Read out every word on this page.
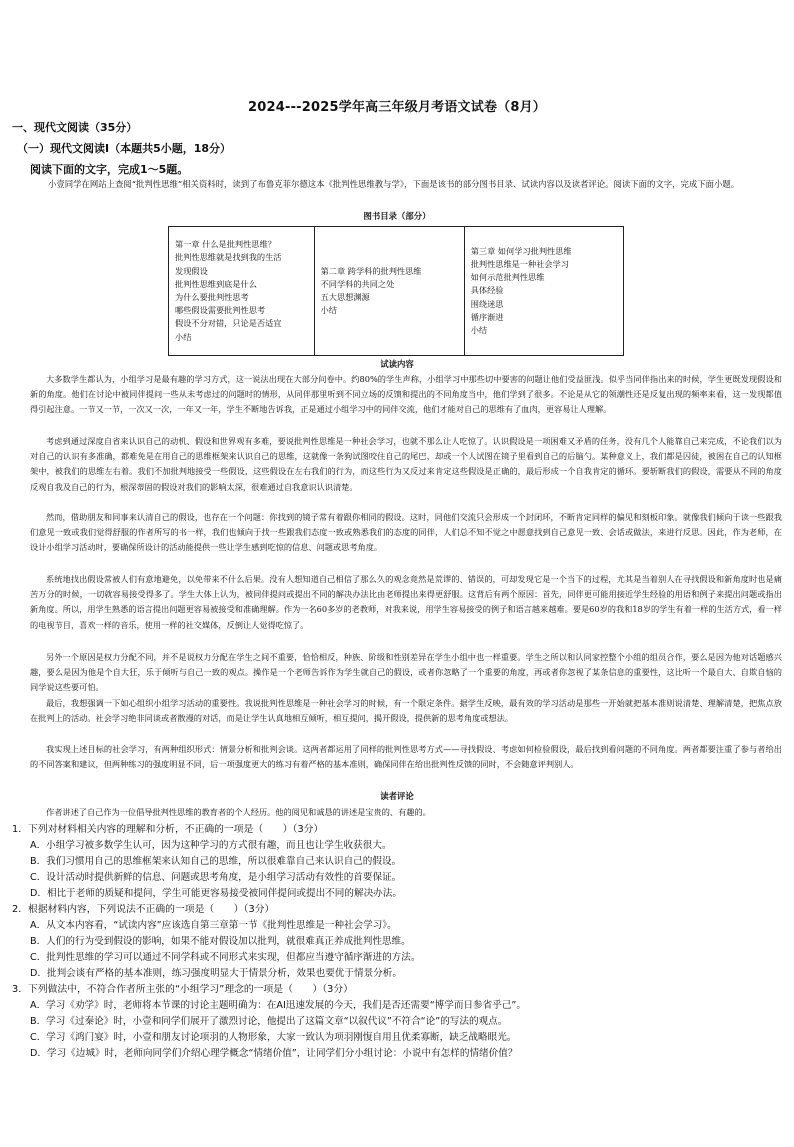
2024---2025学年高三年级月考语文试卷（8月）
一、现代文阅读（35分）
（一）现代文阅读Ⅰ（本题共5小题，18分）
阅读下面的文字，完成1～5题。
小壹同学在网站上查阅“批判性思维”相关资料时，读到了布鲁克菲尔德这本《批判性思维教与学》，下面是该书的部分图书目录、试读内容以及读者评论。阅读下面的文字，完成下面小题。
图书目录（部分）
第一章 什么是批判性思维？
批判性思维就是找到我的生活
发现假设
批判性思维到底是什么
为什么要批判性思考
哪些假设需要批判性思考
假设不分对错，只论是否适宜
小结

第二章 跨学科的批判性思维
不同学科的共同之处
五大思想渊源
小结

第三章 如何学习批判性思维
批判性思维是一种社会学习
如何示范批判性思维
具体经验
围绕迷思
循序渐进
小结
试读内容
大多数学生都认为，小组学习是最有趣的学习方式，这一说法出现在大部分问卷中。约80%的学生声称，小组学习中那些切中要害的问题让他们受益匪浅。似乎当同伴指出来的时候，学生更既发现假设和新的角度。他们在讨论中被同伴提问一些从未考虑过的问题时的情形，从同伴那里听到不同立场的反馈和提出的不同角度当中，他们学到了很多。不论是从它的领潮性还是反复出现的频率来看，这一发现都值得引起注意。一节又一节，一次又一次，一年又一年，学生不断地告诉我，正是通过小组学习中的同伴交流，他们才能对自己的思维有了血肉，更容易让人理解。
考虑到通过深度自省来认识自己的动机、假设和世界观有多难，要说批判性思维是一种社会学习，也就不那么让人吃惊了。认识假设是一项困难又矛盾的任务，没有几个人能靠自己来完成，不论我们以为对自己的认识有多准确，都难免是在用自己的思维框架来认识自己的思维，这就像一条狗试图咬住自己的尾巴，却或一个人试图在镜子里看到自己的后脑勺。某种意义上，我们都是囚徒，被困在自己的认知框架中，被我们的思维左右着。我们不加批判地接受一些假设，这些假设在左右我们的行为，而这些行为又反过来肯定这些假设是正确的，最后形成一个自我肯定的循环。要斩断我们的假设，需要从不同的角度反观自我及自己的行为，根深蒂固的假设对我们的影响太深，很难通过自我意识认识清楚。
然而，借助朋友和同事来认清自己的假设，也存在一个问题：你找到的镜子常有着跟你相同的假设。这时，同他们交流只会形成一个封闭环，不断肯定同样的偏见和刻板印象。就像我们倾向于读一些跟我们意见一致或我们觉得舒服的作者所写的书一样，我们也倾向于找一些跟我们态度一致或熟悉我们的态度的同伴，人们总不知不觉之中愿意找到自己意见一致、会话或做法，来进行反思。因此，作为老师，在设计小组学习活动时，要确保所设计的活动能提供一些让学生感到吃惊的信息、问题或思考角度。
系统地找出假设常被人们有意地避免，以免带来不什么后果。没有人想知道自己相信了那么久的观念竟然是荒谬的、错误的，可却发现它是一个当下的过程，尤其是当着别人在寻找假设和新角度时也是痛苦万分的时候，一切就容易接受得多了。学生大体上认为，被同伴提问或提出不同的解决办法比由老师提出来得更舒服。这背后有两个原因：首先，同伴更可能用接近学生经验的用语和例子来提出问题或指出新角度。所以，用学生熟悉的语言提出问题更容易被接受和准确理解。作为一名60多岁的老教师，对我来说，用学生容易接受的例子和语言越来越难。要是60岁的我和18岁的学生有着一样的生活方式，看一样的电视节目，喜欢一样的音乐，使用一样的社交媒体，反倒让人觉得吃惊了。
另外一个原因是权力分配不同，并不是说权力分配在学生之间不重要，恰恰相反，种族、阶级和性别差异在学生小组中也一样重要。学生之所以和认同家控整个小组的组员合作，要么是因为他对话题感兴趣，要么是因为他是个自大狂，乐于倾听与自己一致的观点。操作是一个老师告诉作为学生就自己的假设，或者你忽略了一个重要的角度，再或者你忽视了某条信息的重要性，这比听一个最自大、自欺自恼的同学说这些要可怕。
最后，我想强调一下如心组织小组学习活动的重要性。我说批判性思维是一种社会学习的时候，有一个限定条件。据学生反映，最有效的学习活动是那些一开始就把基本准则说清楚、理解清楚，把焦点放在批判上的活动。社会学习绝非同谈或者散漫的对话，而是让学生认真地相互倾听，相互提问，揭开假设，提供新的思考角度或想法。
我实现上述目标的社会学习，有两种组织形式：情景分析和批判会谈。这两者都运用了同样的批判性思考方式——寻找假设、考虑如何检验假设，最后找到看问题的不同角度。两者都要注重了参与者给出的不同答案和建议，但两种练习的强度明显不同，后一项强度更大的练习有着严格的基本准则，确保同伴在给出批判性反馈的同时，不会随意评判别人。
读者评论
作者讲述了自己作为一位倡导批判性思维的教育者的个人经历。他的阅见和诚恳的讲述是宝贵的、有趣的。
1．下列对材料相关内容的理解和分析，不正确的一项是（　　）（3分）
A．小组学习被多数学生认可，因为这种学习的方式很有趣，而且也让学生收获很大。
B．我们习惯用自己的思维框架来认知自己的思维，所以很难靠自己来认识自己的假设。
C．设计活动时提供新鲜的信息、问题或思考角度，是小组学习活动有效性的首要保证。
D．相比于老师的质疑和提问，学生可能更容易接受被同伴提问或提出不同的解决办法。
2．根据材料内容，下列说法不正确的一项是（　　）（3分）
A．从文本内容看，“试读内容”应该选自第三章第一节《批判性思维是一种社会学习》。
B．人们的行为受到假设的影响，如果不能对假设加以批判，就很难真正养成批判性思维。
C．批判性思维的学习可以通过不同学科或不同形式来实现，但都应当遵守循序渐进的方法。
D．批判会谈有严格的基本准则，练习强度明显大于情景分析，效果也要优于情景分析。
3．下列做法中，不符合作者所主张的“小组学习”理念的一项是（　　）（3分）
A．学习《劝学》时，老师将本节课的讨论主题明确为：在AI迅速发展的今天，我们是否还需要“博学而日参省乎己”。
B．学习《过秦论》时，小壹和同学们展开了激烈讨论，他提出了这篇文章“以叙代议”不符合“论”的写法的观点。
C．学习《鸿门宴》时，小壹和朋友讨论项羽的人物形象，大家一致认为项羽刚愎自用且优柔寡断，缺乏战略眼光。
D．学习《边城》时，老师向同学们介绍心理学概念“情绪价值”，让同学们分小组讨论：小说中有怎样的情绪价值？
